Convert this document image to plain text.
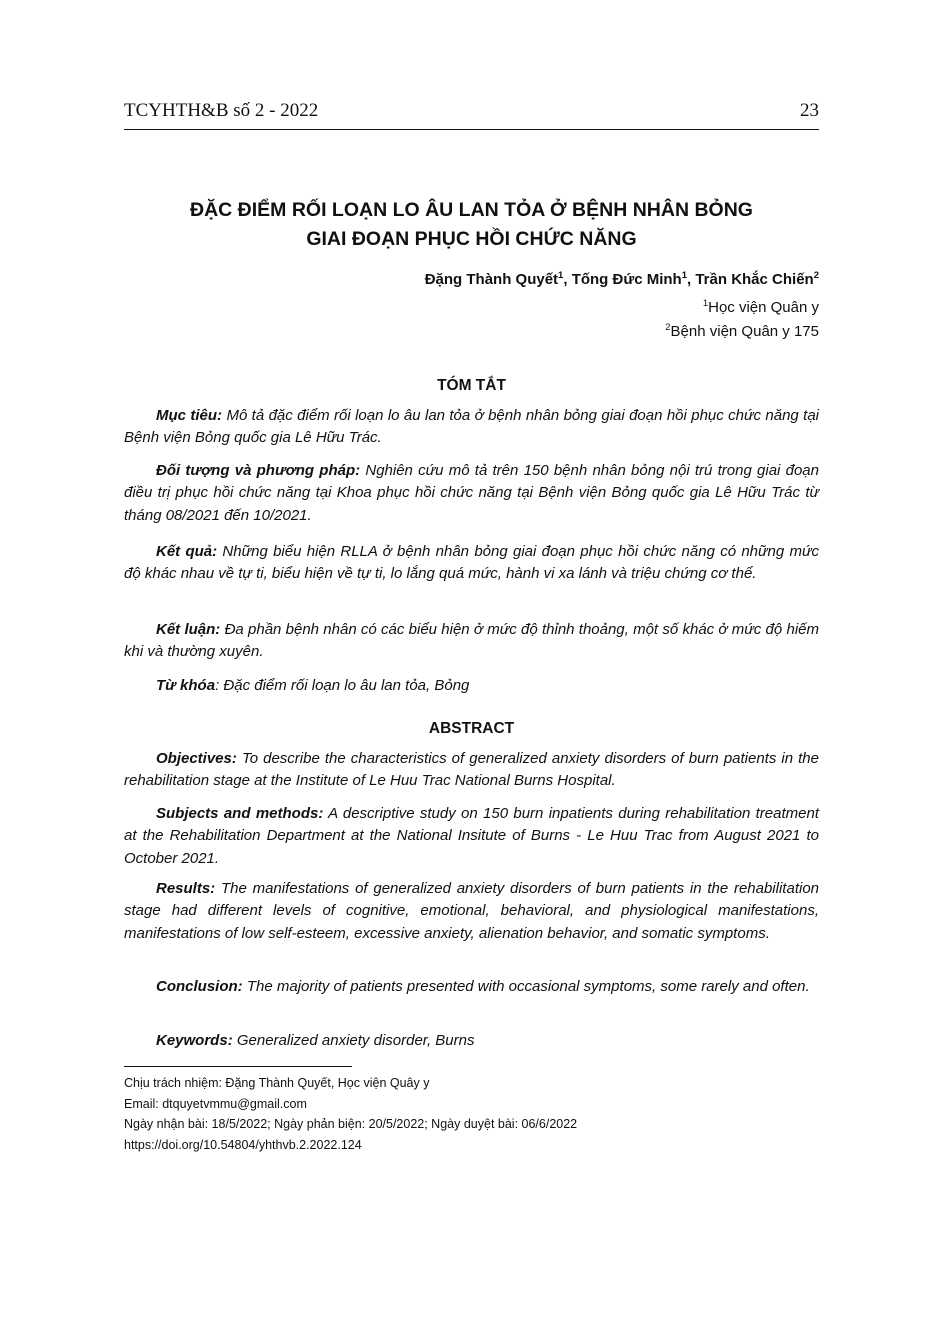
TCYHTH&B số 2 - 2022	23
ĐẶC ĐIỂM RỐI LOẠN LO ÂU LAN TỎA Ở BỆNH NHÂN BỎNG
GIAI ĐOẠN PHỤC HỒI CHỨC NĂNG
Đặng Thành Quyết$^1$, Tống Đức Minh$^1$, Trần Khắc Chiến$^2$
$^1$Học viện Quân y
$^2$Bệnh viện Quân y 175
TÓM TẮT
Mục tiêu: Mô tả đặc điểm rối loạn lo âu lan tỏa ở bệnh nhân bỏng giai đoạn hồi phục chức năng tại Bệnh viện Bỏng quốc gia Lê Hữu Trác.
Đối tượng và phương pháp: Nghiên cứu mô tả trên 150 bệnh nhân bỏng nội trú trong giai đoạn điều trị phục hồi chức năng tại Khoa phục hồi chức năng tại Bệnh viện Bỏng quốc gia Lê Hữu Trác từ tháng 08/2021 đến 10/2021.
Kết quả: Những biểu hiện RLLA ở bệnh nhân bỏng giai đoạn phục hồi chức năng có những mức độ khác nhau về tự ti, biểu hiện về tự ti, lo lắng quá mức, hành vi xa lánh và triệu chứng cơ thể.
Kết luận: Đa phần bệnh nhân có các biểu hiện ở mức độ thỉnh thoảng, một số khác ở mức độ hiếm khi và thường xuyên.
Từ khóa: Đặc điểm rối loạn lo âu lan tỏa, Bỏng
ABSTRACT
Objectives: To describe the characteristics of generalized anxiety disorders of burn patients in the rehabilitation stage at the Institute of Le Huu Trac National Burns Hospital.
Subjects and methods: A descriptive study on 150 burn inpatients during rehabilitation treatment at the Rehabilitation Department at the National Insitute of Burns - Le Huu Trac from August 2021 to October 2021.
Results: The manifestations of generalized anxiety disorders of burn patients in the rehabilitation stage had different levels of cognitive, emotional, behavioral, and physiological manifestations, manifestations of low self-esteem, excessive anxiety, alienation behavior, and somatic symptoms.
Conclusion: The majority of patients presented with occasional symptoms, some rarely and often.
Keywords: Generalized anxiety disorder, Burns
Chịu trách nhiệm: Đặng Thành Quyết, Học viện Quây y
Email: dtquyetvmmu@gmail.com
Ngày nhận bài: 18/5/2022; Ngày phản biện: 20/5/2022; Ngày duyệt bài: 06/6/2022
https://doi.org/10.54804/yhthvb.2.2022.124
